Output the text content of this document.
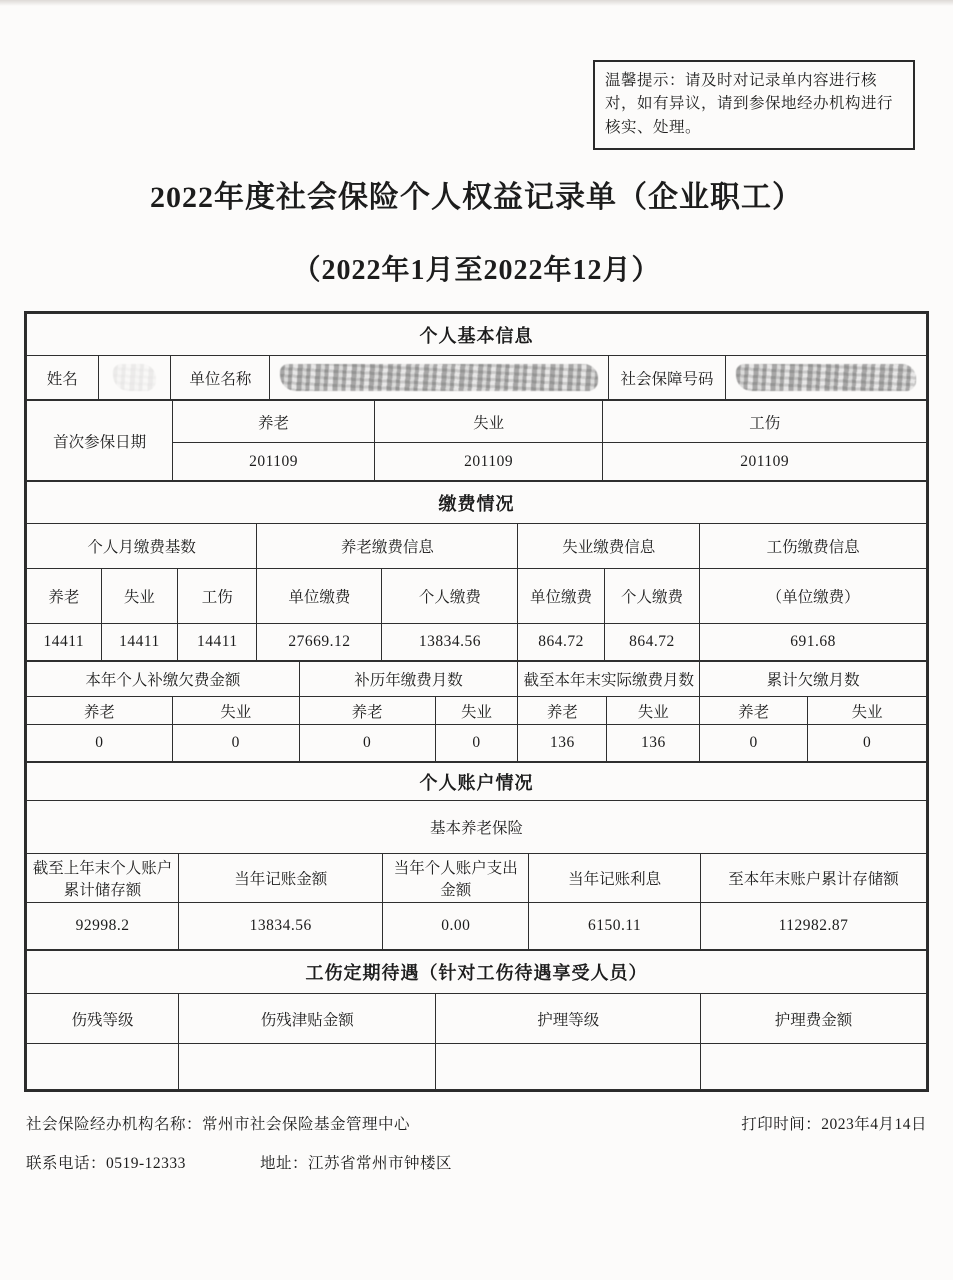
温馨提示：请及时对记录单内容进行核对，如有异议，请到参保地经办机构进行核实、处理。
2022年度社会保险个人权益记录单（企业职工）
（2022年1月至2022年12月）
个人基本信息
姓名		单位名称		社会保障号码	
首次参保日期	养老	失业	工伤
	201109	201109	201109
缴费情况							
个人月缴费基数			养老缴费信息		失业缴费信息		工伤缴费信息
养老	失业	工伤	单位缴费	个人缴费	单位缴费	个人缴费	（单位缴费）
14411	14411	14411	27669.12	13834.56	864.72	864.72	691.68
本年个人补缴欠费金额		补历年缴费月数		截至本年末实际缴费月数		累计欠缴月数	
养老	失业	养老	失业	养老	失业	养老	失业
0	0	0	0	136	136	0	0
个人账户情况				
基本养老保险				
截至上年末个人账户累计储存额	当年记账金额	当年个人账户支出金额	当年记账利息	至本年末账户累计存储额
92998.2	13834.56	0.00	6150.11	112982.87
工伤定期待遇（针对工伤待遇享受人员）			
伤残等级	伤残津贴金额	护理等级	护理费金额

社会保险经办机构名称：常州市社会保险基金管理中心	打印时间：2023年4月14日
联系电话：0519-12333	地址：江苏省常州市钟楼区
